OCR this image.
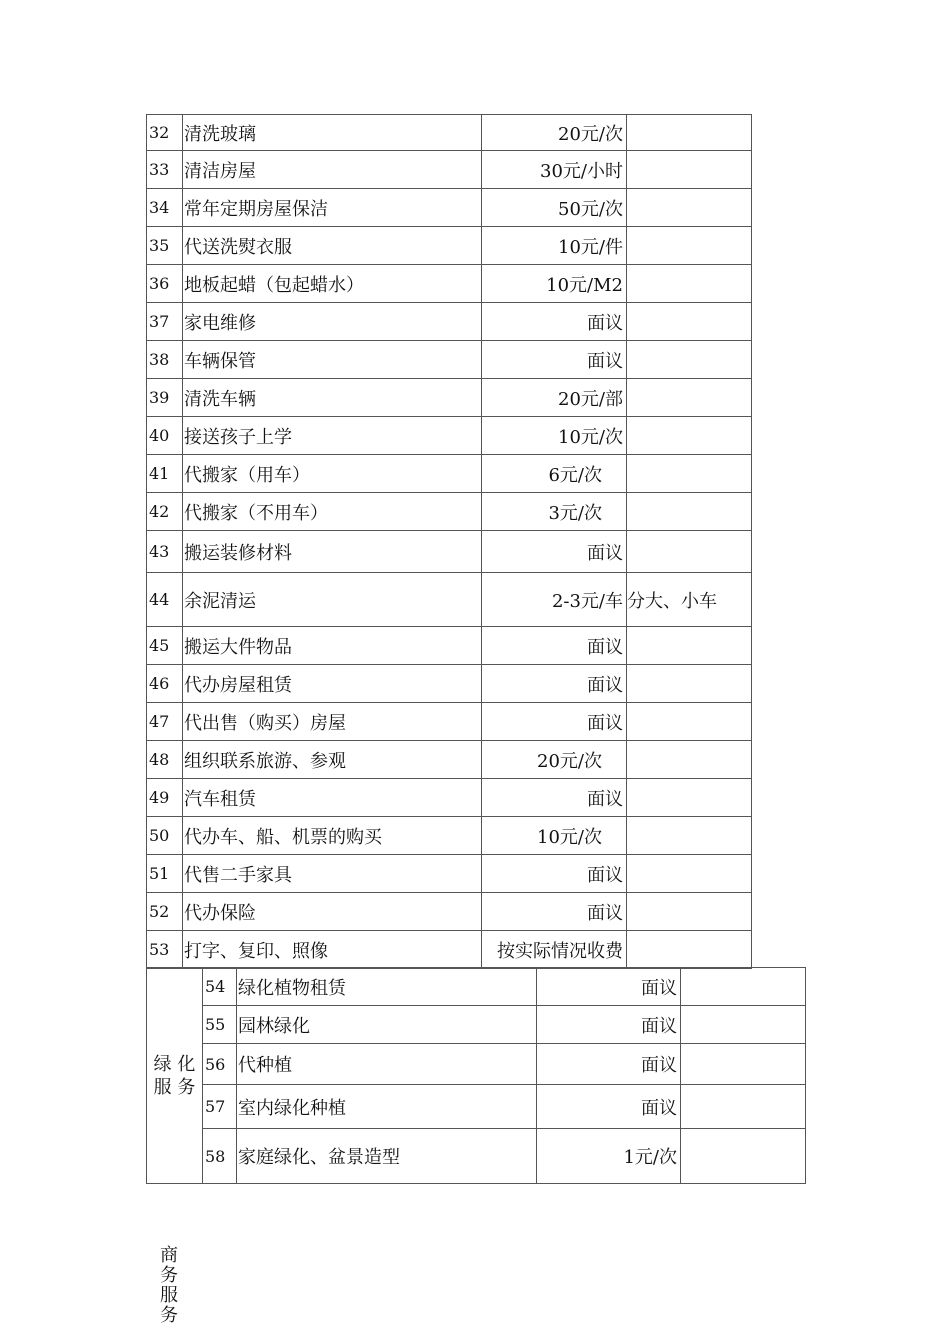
32	清洗玻璃	20元/次	
33	清洁房屋	30元/小时	
34	常年定期房屋保洁	50元/次	
35	代送洗熨衣服	10元/件	
36	地板起蜡（包起蜡水）	10元/M2	
37	家电维修	面议	
38	车辆保管	面议	
39	清洗车辆	20元/部	
40	接送孩子上学	10元/次	
41	代搬家（用车）	6元/次	
42	代搬家（不用车）	3元/次	
43	搬运装修材料	面议	
44	余泥清运	2-3元/车	分大、小车
45	搬运大件物品	面议	
46	代办房屋租赁	面议	
47	代出售（购买）房屋	面议	
48	组织联系旅游、参观	20元/次	
49	汽车租赁	面议	
50	代办车、船、机票的购买	10元/次	
51	代售二手家具	面议	
52	代办保险	面议	
53	打字、复印、照像	按实际情况收费	
绿 化
服 务	54	绿化植物租赁	面议	
	55	园林绿化	面议	
	56	代种植	面议	
	57	室内绿化种植	面议	
	58	家庭绿化、盆景造型	1元/次	
商务服务
